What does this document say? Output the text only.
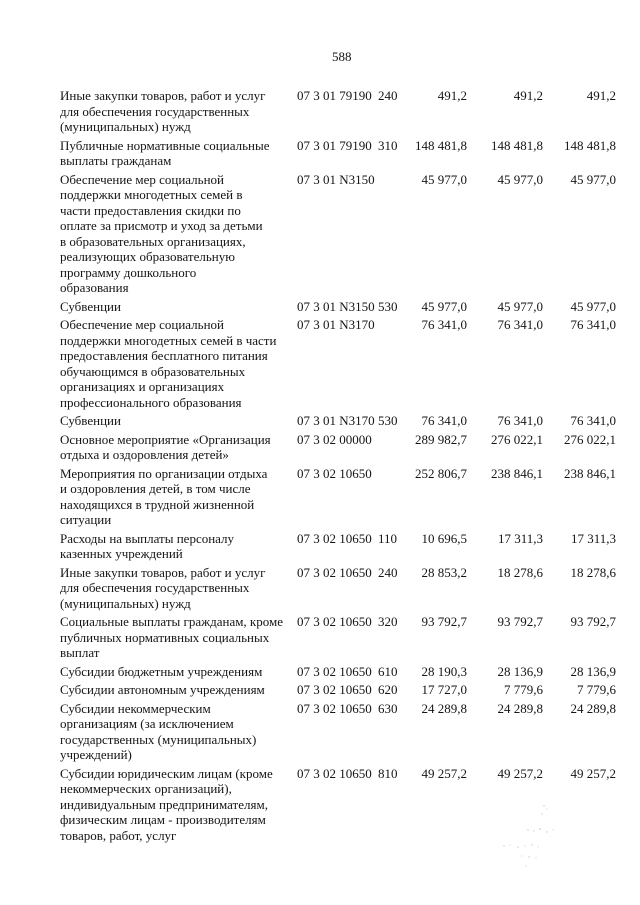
588
Иные закупки товаров, работ и услуг
для обеспечения государственных
(муниципальных) нужд
07 3 01 79190 240	491,2	491,2	491,2
Публичные нормативные социальные
выплаты гражданам
07 3 01 79190 310	148 481,8	148 481,8	148 481,8
Обеспечение мер социальной
поддержки многодетных семей в
части предоставления скидки по
оплате за присмотр и уход за детьми
в образовательных организациях,
реализующих образовательную
программу дошкольного
образования
07 3 01 N3150	45 977,0	45 977,0	45 977,0
Субвенции	07 3 01 N3150 530	45 977,0	45 977,0	45 977,0
Обеспечение мер социальной
поддержки многодетных семей в части
предоставления бесплатного питания
обучающимся в образовательных
организациях и организациях
профессионального образования
07 3 01 N3170	76 341,0	76 341,0	76 341,0
Субвенции	07 3 01 N3170 530	76 341,0	76 341,0	76 341,0
Основное мероприятие «Организация
отдыха и оздоровления детей»
07 3 02 00000	289 982,7	276 022,1	276 022,1
Мероприятия по организации отдыха
и оздоровления детей, в том числе
находящихся в трудной жизненной
ситуации
07 3 02 10650	252 806,7	238 846,1	238 846,1
Расходы на выплаты персоналу
казенных учреждений
07 3 02 10650 110	10 696,5	17 311,3	17 311,3
Иные закупки товаров, работ и услуг
для обеспечения государственных
(муниципальных) нужд
07 3 02 10650 240	28 853,2	18 278,6	18 278,6
Социальные выплаты гражданам, кроме
публичных нормативных социальных
выплат
07 3 02 10650 320	93 792,7	93 792,7	93 792,7
Субсидии бюджетным учреждениям	07 3 02 10650 610	28 190,3	28 136,9	28 136,9
Субсидии автономным учреждениям	07 3 02 10650 620	17 727,0	7 779,6	7 779,6
Субсидии некоммерческим
организациям (за исключением
государственных (муниципальных)
учреждений)
07 3 02 10650 630	24 289,8	24 289,8	24 289,8
Субсидии юридическим лицам (кроме
некоммерческих организаций),
индивидуальным предпринимателям,
физическим лицам - производителям
товаров, работ, услуг
07 3 02 10650 810	49 257,2	49 257,2	49 257,2
